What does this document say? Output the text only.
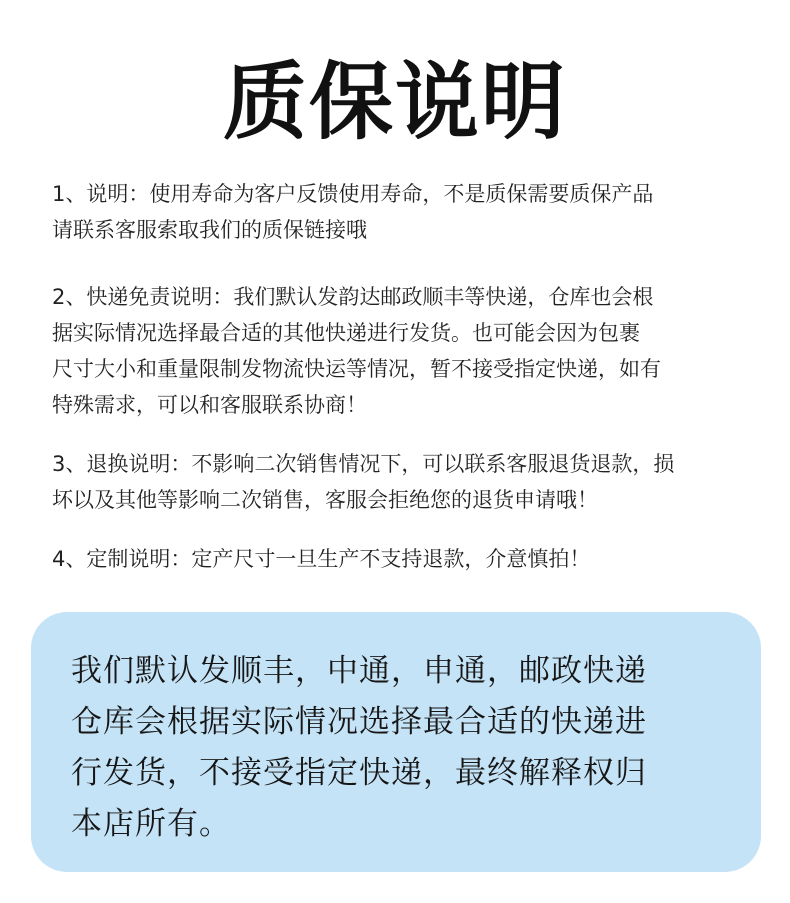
质保说明
1、说明：使用寿命为客户反馈使用寿命，不是质保需要质保产品
请联系客服索取我们的质保链接哦
2、快递免责说明：我们默认发韵达邮政顺丰等快递，仓库也会根
据实际情况选择最合适的其他快递进行发货。也可能会因为包裹
尺寸大小和重量限制发物流快运等情况，暂不接受指定快递，如有
特殊需求，可以和客服联系协商！
3、退换说明：不影响二次销售情况下，可以联系客服退货退款，损
坏以及其他等影响二次销售，客服会拒绝您的退货申请哦！
4、定制说明：定产尺寸一旦生产不支持退款，介意慎拍！
我们默认发顺丰，中通，申通，邮政快递
仓库会根据实际情况选择最合适的快递进
行发货，不接受指定快递，最终解释权归
本店所有。
